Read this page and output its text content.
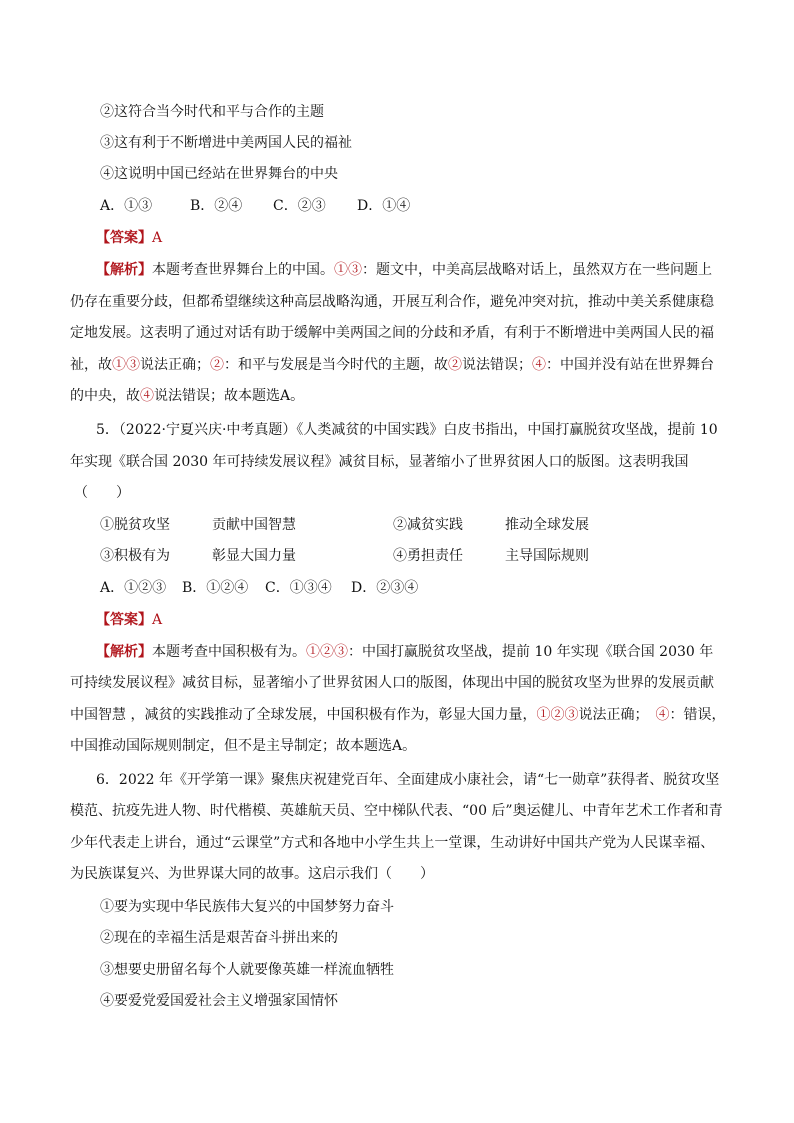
②这符合当今时代和平与合作的主题
③这有利于不断增进中美两国人民的福祉
④这说明中国已经站在世界舞台的中央
A．①③	B．②④ C．②③ D．①④
【答案】A
【解析】本题考查世界舞台上的中国。①③：题文中，中美高层战略对话上，虽然双方在一些问题上
仍存在重要分歧，但都希望继续这种高层战略沟通，开展互利合作，避免冲突对抗，推动中美关系健康稳
定地发展。这表明了通过对话有助于缓解中美两国之间的分歧和矛盾，有利于不断增进中美两国人民的福
祉，故①③说法正确；②：和平与发展是当今时代的主题，故②说法错误；④：中国并没有站在世界舞台
的中央，故④说法错误；故本题选A。
5．（2022·宁夏兴庆·中考真题）《人类减贫的中国实践》白皮书指出，中国打赢脱贫攻坚战，提前 10
年实现《联合国 2030 年可持续发展议程》减贫目标，显著缩小了世界贫困人口的版图。这表明我国
（　　）
①脱贫攻坚	贡献中国智慧	②减贫实践	推动全球发展
③积极有为	彰显大国力量	④勇担责任	主导国际规则
A．①②③ B．①②④ C．①③④ D．②③④
【答案】A
【解析】本题考查中国积极有为。①②③：中国打赢脱贫攻坚战，提前 10 年实现《联合国 2030 年
可持续发展议程》减贫目标，显著缩小了世界贫困人口的版图，体现出中国的脱贫攻坚为世界的发展贡献
中国智慧 ，减贫的实践推动了全球发展，中国积极有作为，彰显大国力量，①②③说法正确；　④：错误，
中国推动国际规则制定，但不是主导制定；故本题选A。
6．2022 年《开学第一课》聚焦庆祝建党百年、全面建成小康社会，请“七一勋章”获得者、脱贫攻坚
模范、抗疫先进人物、时代楷模、英雄航天员、空中梯队代表、“00 后”奥运健儿、中青年艺术工作者和青
少年代表走上讲台，通过“云课堂”方式和各地中小学生共上一堂课，生动讲好中国共产党为人民谋幸福、
为民族谋复兴、为世界谋大同的故事。这启示我们（　　）
①要为实现中华民族伟大复兴的中国梦努力奋斗
②现在的幸福生活是艰苦奋斗拼出来的
③想要史册留名每个人就要像英雄一样流血牺牲
④要爱党爱国爱社会主义增强家国情怀
